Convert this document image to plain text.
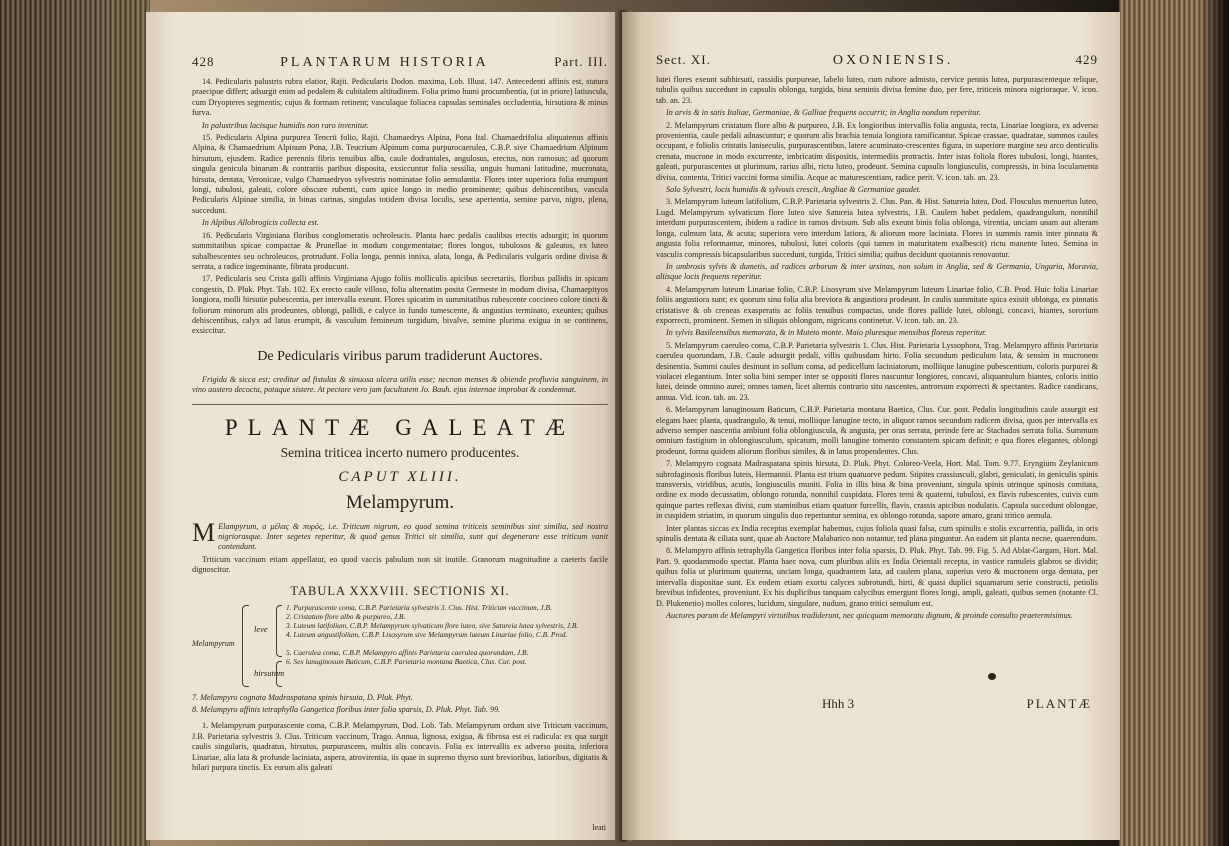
428	PLANTARUM HISTORIA	Part. III.

14. Pedicularis palustris rubra elatior, Rajii. Pedicularis Dodon. maxima, Lob. Illust. 147. Antecedenti affinis est, statura praecipue differt; adsurgit enim ad pedalem & cubitalem altitudinem. Folia primo humi procumbentia, (ut in priore) latiuscula, cum Dryopteres segmentis; cujus & formam retinent; vasculaque foliacea capsulas seminales occludentia, hirsutiora & minus furva.

In palustribus lacisque humidis non raro invenitur.

15. Pedicularis Alpina purpurea Tencrii folio, Rajii. Chamaedrys Alpina, Pona Ital. Chamaedrifolia aliquatenus affinis Alpina, & Chamaedrium Alpinum Pona, J.B. Teucrium Alpinum coma purpurocaerulea, C.B.P. sive Chamaedrium Alpinum hirsutum, ejusdem. Radice perennis fibris tenuibus alba, caule dodrantales, angulosus, erectus, non ramosus; ad quorum singula genicula binarum & contrariis paribus disposita, exsiccuntur folia sessilia, unguis humani latitudine, mucronata, hirsuta, dentata, Veronicae, vulgo Chamaedryos sylvestris nominatae folio aemulantia. Flores inter superiora folia erumpunt longi, tubulosi, galeati, colore obscure rubenti, cum apice longo in medio prominente; quibus dehiscentibus, vascula Pedicularis Alpinae similia, in binas carinas, singulas totidem divisa loculis, sese aperientia, semine parvo, nigro, plena, succedunt.

In Alpibus Allobrogicis collecta est.

16. Pedicularis Virginiana floribus conglomeratis ochroleucis. Planta haec pedalis caulibus erectis adsurgit; in quorum summitatibus spicae compactae & Prunellae in modum congementatae; flores longos, tubulosos & galeatos, ex luteo subalbescentes seu ochroleucos, protrudunt. Folia longa, pennis innixa, alata, longa, & Pedicularis vulgaris ordine divisa & serrata, a radice ingeminante, fibrata producunt.

17. Pedicularis seu Crista galli affinis Virginiana Ajugo foliis molliculis apicibus secretariis, floribus pallidis in spicam congestis, D. Pluk. Phyt. Tab. 102. Ex erecto caule villoso, folia alternatim posita Germeste in modum divisa, Chamaepityos longiora, molli hirsutie pubescentia, per intervalla exeunt. Flores spicatim in summitatibus rubescente coccineo colore tincti & foliorum minorum alis prodeuntes, oblongi, pallidi, e calyce in fundo tumescente, & angustius terminato, exeuntes; quibus dehiscentibus, calyx ad latus erumpit, & vasculum femineum turgidum, bivalve, semine plurima exigua in se continens, exsiccitur.

De Pedicularis viribus parum tradiderunt Auctores.

Frigida & sicca est; creditur ad fistulas & sinuosa ulcera utilis esse; necnon menses & obiende profluvia sanguinem, in vino austero decocta, potaque sistere. At pectore vero jam facultatem Jo. Bauh. ejus internae improbat & condemnat.

PLANTÆ GALEATÆ
Semina triticea incerto numero producentes.
CAPUT XLIII.
Melampyrum.

M Elampyrum, a μέλας & πυρός, i.e. Triticum nigrum, eo quod semina triticeis seminibus sint similia, sed nostra nigriorasque. Inter segetes reperitur, & quod genus Tritici sit similia, sunt qui degenerare esse triticum vanit contendunt.

Triticum vaccinum etiam appellatur, eo quod vaccis pabulum non sit inutile. Granorum magnitudine a caeteris facile dignoscitur.

TABULA XXXVIII. SECTIONIS XI.
Melampyrum
leve
hirsutum
1. Purpurascente coma, C.B.P. Parietaria sylvestris 3. Clus. Hist. Triticum vaccinum, J.B.
2. Cristatum flore albo & purpureo, J.B.
3. Luteum latifolium, C.B.P. Melampyrum sylvaticum flore luteo, sive Satureia lutea sylvestris, J.B.
4. Luteum angustifolium, C.B.P. Lisosyrum sive Melampyrum luteum Linariae folio, C.B. Prod.

5. Caerulea coma, C.B.P. Melampyro affinis Parietaria caerulea quorundam, J.B.
6. Sex lanuginosum Baticum, C.B.P. Parietaria montana Baetica, Clus. Cur. post.

7. Melampyro cognata Madraspatana spinis hirsuta, D. Pluk. Phyt.

8. Melampyro affinis tetraphylla Gangetica floribus inter folia sparsis, D. Pluk. Phyt. Tab. 99.

1. Melampyrum purpurascente coma, C.B.P. Melampyrum, Dod. Lob. Tab. Melampyrum ordum sive Triticum vaccinum, J.B. Parietaria sylvestris 3. Clus. Triticum vaccinum, Trago. Annua, lignosa, exigua, & fibrosa est ei radicula: ex qua surgit caulis singularis, quadratus, hirsutus, purpurascens, multis alis concavis. Folia ex intervallis ex adverso posita, inferiora Linariae, alia lata & profunde laciniata, aspera, atrovirentia, iis quae in supremo thyrso sunt brevioribus, latioribus, digitatis & hilari purpura tinctis. Ex eorum alis galeati

leati
Sect. XI.	OXONIENSIS.	429

lutei flores exeunt subhirsuti, cassidis purpureae, labelo luteo, cum rubore admisto, cervice pennis lutea, purpurascenteque relique, tubulis quibus succedunt in capsulis oblonga, turgida, bina seminis divisa femine duo, per fere, triticeis minora nigrioraque. V. icon. tab. an. 23.

In arvis & in satis Italiae, Germaniae, & Galliae frequens occurrit; in Anglia nondum reperitur.

2. Melampyrum cristatum flore albo & purpureo, J.B. Ex longioribus intervallis folia angusta, recta, Linariae longiora, ex adverso provenientia, caule pedali adnascuntur; e quorum alis brachia tenuia longiora ramificantur. Spicae crassae, quadratae, summos caules occupant, e foliolis cristatis laniseculis, purpurascentibus, latere acuminato-crescentes figura, in superiore margine seu arco denticulis crenata, mucrone in modo excurrente, imbricatim dispositis, intermediis protractis. Inter istas foliola flores tubulosi, longi, hiantes, galeati, purpurascentes ut plurimum, rarius albi, rictu luteo, prodeunt. Semina capsulis longiusculis, compressis, in bina loculamenta divisa, contenta, Tritici vaccini forma similia. Acque ac maturescentiam, radice perit. V. icon. tab. an. 23.

Solo Sylvestri, locis humidis & sylvosis crescit, Angliae & Germaniae gaudet.

3. Melampyrum luteum latifolium, C.B.P. Parietaria sylvestris 2. Clus. Pan. & Hist. Satureia lutea, Dod. Flosculus menuertus luteo, Lugd. Melampyrum sylvaticum flore luteo sive Satureia lutea sylvestris, J.B. Caulem habet pedalem, quadrangulum, nonnihil interdum purpurascentem, ibidem a radice in ramos divisum. Sub alis exeunt binis folia oblonga, virentia, unciam unam aut alteram longa, culmum lata, & acuta; superiora vero interdum latiora, & aliorum more laciniata. Flores in summis ramis inter pinnata & angusta folia reformantur, minores, tubulosi, lutei coloris (qui tamen in maturitatem exalbescit) rictu manente luteo. Semina in vasculis compressis bicapsularibus succedunt, turgida, Tritici similia; quibus decidunt quotannis renovantur.

In umbrosis sylvis & dumetis, ad radices arborum & inter ursinas, non solum in Anglia, sed & Germania, Ungaria, Moravia, aliisque locis frequens reperitur.

4. Melampyrum luteum Linariae folio, C.B.P. Lisosyrum sive Melampyrum luteum Linariae folio, C.B. Prod. Huic folia Linariae foliis angustiora sunt; ex quorum sinu folia alia breviora & angustiora prodeunt. In caulis summitate spica existit oblonga, ex pinnatis cristatisve & ob creneas exasperatis ac foliis tenuibus compactas, unde flores pallide lutei, oblongi, concavi, hiantes, sororium exporrecti, prominent. Semen in siliquis oblongum, nigricans continetur. V. icon. tab. an. 23.

In sylvis Basileensibus memorata, & in Muteto monte. Maio pluresque mensibus floreus reperitur.

5. Melampyrum caeruleo coma, C.B.P. Parietaria sylvestris 1. Clus. Hist. Parietaria Lyssophora, Trag. Melampyro affinis Parietaria caerulea quorundam, J.B. Caule adsurgit pedali, villis quibusdam hirto. Folia secundum pediculum lata, & sensim in mucronem desinentia. Summi caules desinunt in sollum coma, ad pedicellum laciniatorum, molliique lanugine pubescentium, coloris purpurei & violacei elegantium. Inter solia bini semper inter se oppositi flores nascuntur longiores, concavi, aliquantulum hiantes, coloris initio lutei, deinde omnino aurei; omnes tamen, licet alternis contrario situ nascentes, antrorsum exporrecti & spectantes. Radice candicans, annua. Vid. icon. tab. an. 23.

6. Melampyrum lanuginosum Baticum, C.B.P. Parietaria montana Baetica, Clus. Cur. post. Pedalis longitudinis caule assurgit est elegans haec planta, quadrangulo, & tenui, molliique lanugine tecto, in aliquot ramos secundum radicem divisa, quos per intervalla ex adverso semper nascentia ambiunt folia oblongiuscula, & angusta, per oras serrata, perinde fere ac Stachados serrata folia. Summum omnium fastigium in oblongiusculum, spicatum, molli lanugine tomento constantem spicam definit; e qua flores elegantes, oblongi prodeunt, forma quidem aliorum floribus similes, & in latus propendentes. Clus.

7. Melampyro cognata Madraspatana spinis hirsuta, D. Pluk. Phyt. Coloreo-Veela, Hort. Mal. Tom. 9.77. Eryngium Zeylanicum subrofaginosis floribus luteis, Hermannii. Planta est trium quatuorve pedum. Stipites crassiusculi, glabri, geniculati, in geniculis spinis transversis, viridibus, acutis, longiusculis muniti. Folia in illis bina & bina proveniunt, singula spinis utrinque spinosis comitata, ordine ex modo decussatim, oblongo rotunda, nonnihil cuspidata. Flores terni & quaterni, tubulosi, ex flavis rubescentes, cuivis cum quinque partes reflexas divisi, cum staminibus etiam quatuor furcellis, flavis, crassis apicibus nodulatis. Capsula succedunt oblongae, in cuspidem striatim, in quorum singulis duo reperiuntur semina, ex oblongo rotunda, sapore amaro, grani tritico aemula.

Inter plantas siccas ex India receptas exemplar habemus, cujus foliola quasi falsa, cum spinulis e stolis excurrentia, pallida, in oris spinulis dentata & ciliata sunt, quae ab Auctore Malabarico non notantur, ted plana pinguntur. An eadem sit planta necne, quaerendum.

8. Melampyro affinis tetraphylla Gangetica floribus inter folia sparsis, D. Pluk. Phyt. Tab. 99. Fig. 5. Ad Ablat-Gargam, Hort. Mal. Part. 9. quodammodo spectat. Planta haec nova, cum pluribus aliis ex India Orientali recepta, in vastice ramuleis glabros se dividit; quibus folia ut plurimum quaterna, unciam longa, quadrantem lata, ad caulem plana, superius vero & mucronem orga dentata, per intervalla dispositae sunt. Ex eodem etiam exortu calyces subrotundi, hirti, & quasi duplici squamarum serie constructi, petiolis brevibus infidentes, proveniunt. Ex his duplicibus tanquam calycibus emergunt flores longi, ampli, galeati, quibus semen (notante Cl. D. Plukenetio) molles colores, lucidum, singulare, nudum, grano tritici semulum est.

Auctores parum de Melampyri virtutibus tradiderunt, nec quicquam memoratu dignum, & proinde consulto praetermisimus.

Hhh 3	PLANTÆ
